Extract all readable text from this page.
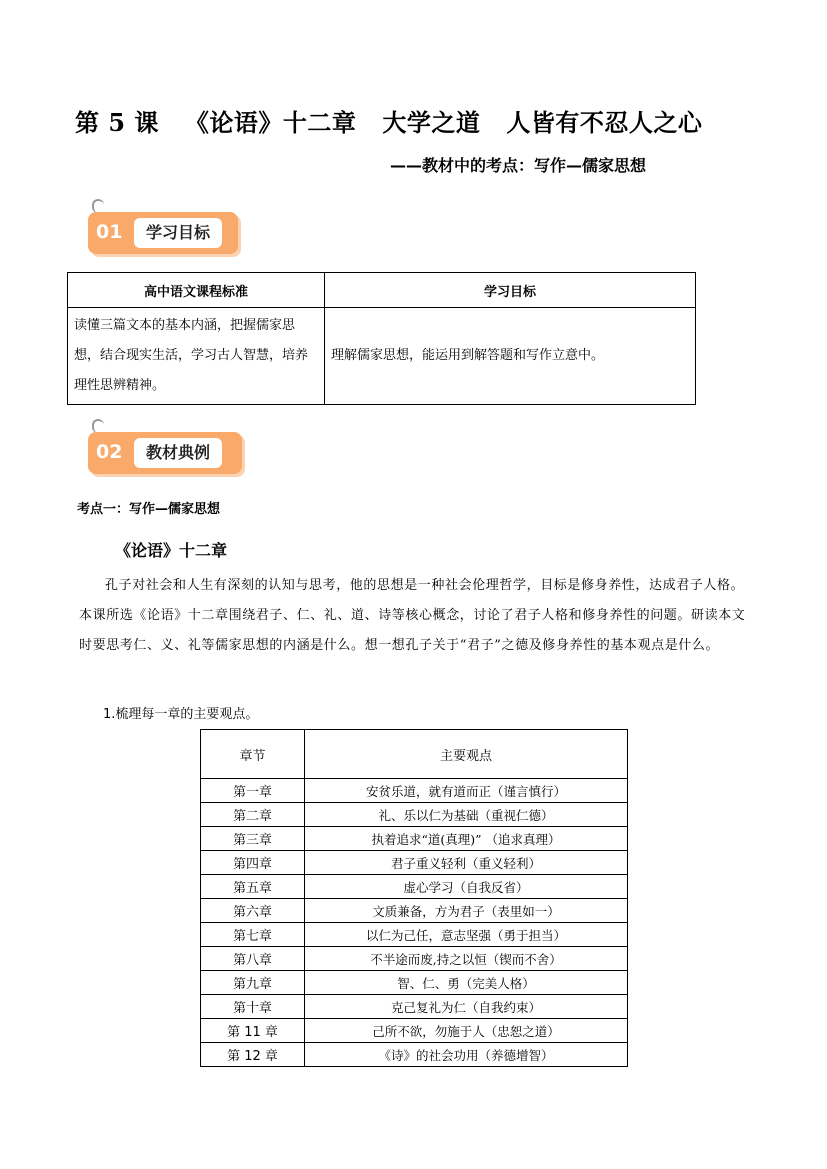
第 5 课 《论语》十二章 大学之道 人皆有不忍人之心
——教材中的考点：写作—儒家思想
01	学习目标
高中语文课程标准	学习目标
读懂三篇文本的基本内涵，把握儒家思想，结合现实生活，学习古人智慧，培养理性思辨精神。	理解儒家思想，能运用到解答题和写作立意中。
02	教材典例
考点一：写作—儒家思想
《论语》十二章
孔子对社会和人生有深刻的认知与思考，他的思想是一种社会伦理哲学，目标是修身养性，达成君子人格。本课所选《论语》十二章围绕君子、仁、礼、道、诗等核心概念，讨论了君子人格和修身养性的问题。研读本文时要思考仁、义、礼等儒家思想的内涵是什么。想一想孔子关于“君子”之德及修身养性的基本观点是什么。
1.梳理每一章的主要观点。
章节	主要观点
第一章	安贫乐道，就有道而正（谨言慎行）
第二章	礼、乐以仁为基础（重视仁德）
第三章	执着追求“道(真理)” （追求真理）
第四章	君子重义轻利（重义轻利）
第五章	虚心学习（自我反省）
第六章	文质兼备，方为君子（表里如一）
第七章	以仁为己任，意志坚强（勇于担当）
第八章	不半途而废,持之以恒（锲而不舍）
第九章	智、仁、勇（完美人格）
第十章	克己复礼为仁（自我约束）
第 11 章	己所不欲，勿施于人（忠恕之道）
第 12 章	《诗》的社会功用（养德增智）
